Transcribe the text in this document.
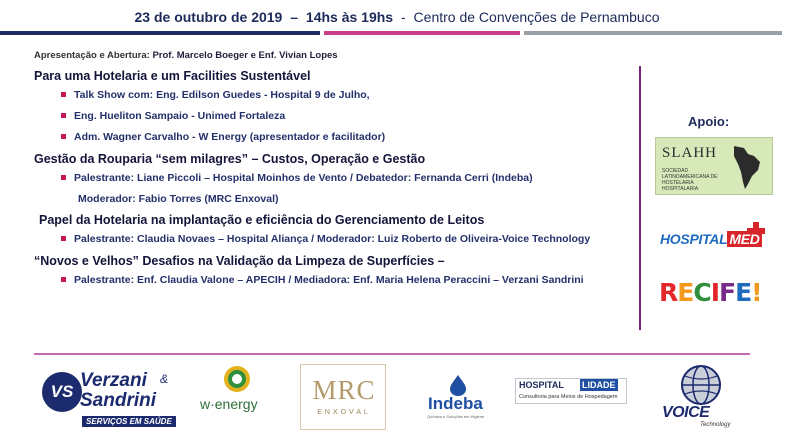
23 de outubro de 2019 – 14hs às 19hs - Centro de Convenções de Pernambuco
Apresentação e Abertura: Prof. Marcelo Boeger e Enf. Vivian Lopes
Para uma Hotelaria e um Facilities Sustentável
Talk Show com: Eng. Edilson Guedes - Hospital 9 de Julho,
Eng. Hueliton Sampaio - Unimed Fortaleza
Adm. Wagner Carvalho - W Energy (apresentador e facilitador)
Gestão da Rouparia “sem milagres” – Custos, Operação e Gestão
Palestrante: Liane Piccoli – Hospital Moinhos de Vento / Debatedor: Fernanda Cerri (Indeba)
Moderador: Fabio Torres (MRC Enxoval)
Papel da Hotelaria na implantação e eficiência do Gerenciamento de Leitos
Palestrante: Claudia Novaes – Hospital Aliança / Moderador: Luiz Roberto de Oliveira-Voice Technology
“Novos e Velhos” Desafios na Validação da Limpeza de Superfícies –
Palestrante: Enf. Claudia Valone – APECIH / Mediadora: Enf. Maria Helena Peraccini – Verzani Sandrini
Apoio:
SLAHH
SOCIEDAD LATINOAMERICANA DE HOSTELARIA HOSPITALARIA
HOSPITAL MED
RECIFE!
VS
Verzani &
Sandrini
SERVIÇOS EM SAÚDE
w·energy	MRC
ENXOVAL	Indeba
Química e Soluções em Higiene
HOSPITAL LIDADE
Consultoria para Meios de Hospedagem
VOICE
Technology
